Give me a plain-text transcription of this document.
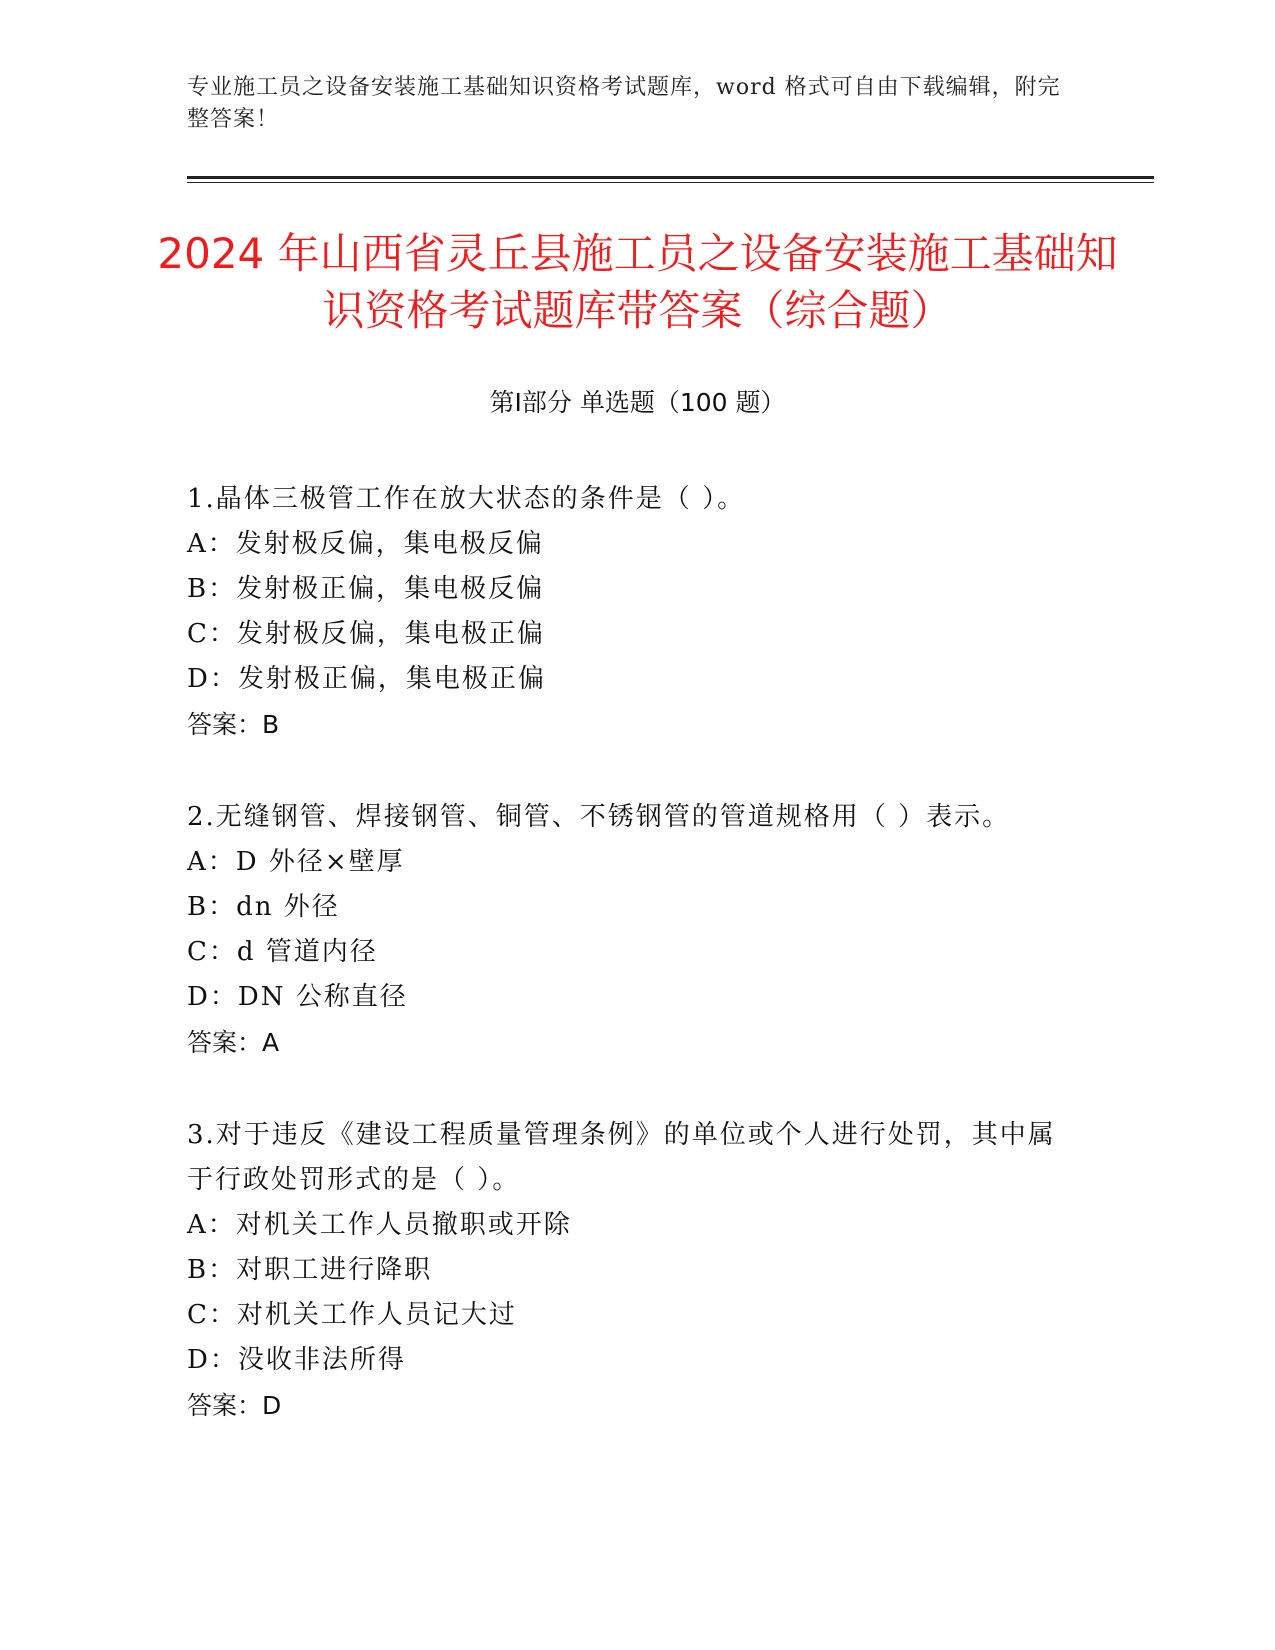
专业施工员之设备安装施工基础知识资格考试题库，word 格式可自由下载编辑，附完整答案！
2024 年山西省灵丘县施工员之设备安装施工基础知识资格考试题库带答案（综合题）
第Ⅰ部分 单选题（100 题）

1.晶体三极管工作在放大状态的条件是（ ）。

A：发射极反偏，集电极反偏

B：发射极正偏，集电极反偏

C：发射极反偏，集电极正偏

D：发射极正偏，集电极正偏

答案：B

2.无缝钢管、焊接钢管、铜管、不锈钢管的管道规格用（ ）表示。

A：D 外径×壁厚

B：dn 外径

C：d 管道内径

D：DN 公称直径

答案：A

3.对于违反《建设工程质量管理条例》的单位或个人进行处罚，其中属于行政处罚形式的是（ ）。

A：对机关工作人员撤职或开除

B：对职工进行降职

C：对机关工作人员记大过

D：没收非法所得

答案：D
